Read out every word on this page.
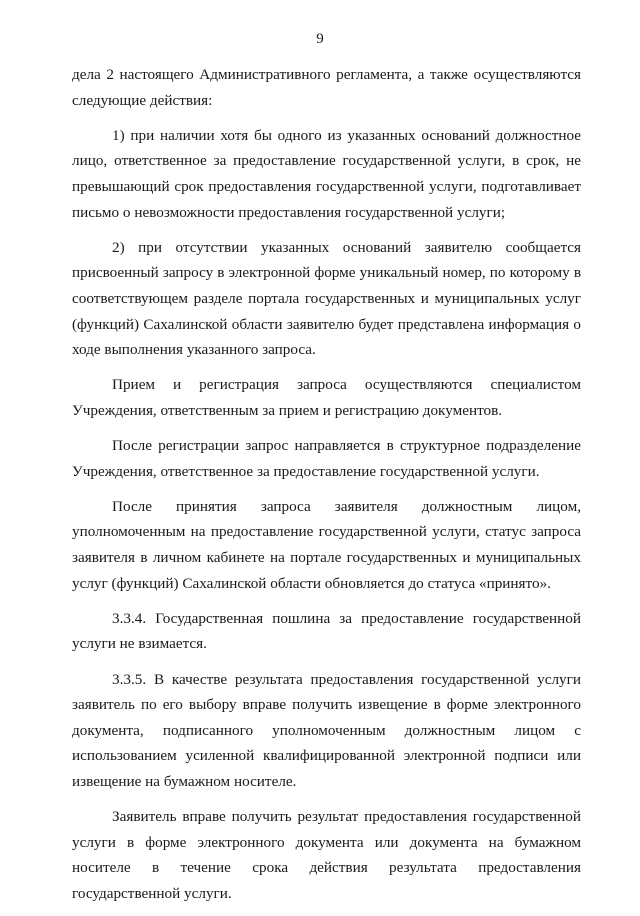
9

дела 2 настоящего Административного регламента, а также осуществляются следующие действия:

1) при наличии хотя бы одного из указанных оснований должностное лицо, ответственное за предоставление государственной услуги, в срок, не превышающий срок предоставления государственной услуги, подготавливает письмо о невозможности предоставления государственной услуги;

2) при отсутствии указанных оснований заявителю сообщается присвоенный запросу в электронной форме уникальный номер, по которому в соответствующем разделе портала государственных и муниципальных услуг (функций) Сахалинской области заявителю будет представлена информация о ходе выполнения указанного запроса.

Прием и регистрация запроса осуществляются специалистом Учреждения, ответственным за прием и регистрацию документов.

После регистрации запрос направляется в структурное подразделение Учреждения, ответственное за предоставление государственной услуги.

После принятия запроса заявителя должностным лицом, уполномоченным на предоставление государственной услуги, статус запроса заявителя в личном кабинете на портале государственных и муниципальных услуг (функций) Сахалинской области обновляется до статуса «принято».

3.3.4. Государственная пошлина за предоставление государственной услуги не взимается.

3.3.5. В качестве результата предоставления государственной услуги заявитель по его выбору вправе получить извещение в форме электронного документа, подписанного уполномоченным должностным лицом с использованием усиленной квалифицированной электронной подписи или извещение на бумажном носителе.

Заявитель вправе получить результат предоставления государственной услуги в форме электронного документа или документа на бумажном носителе в течение срока действия результата предоставления государственной услуги.
